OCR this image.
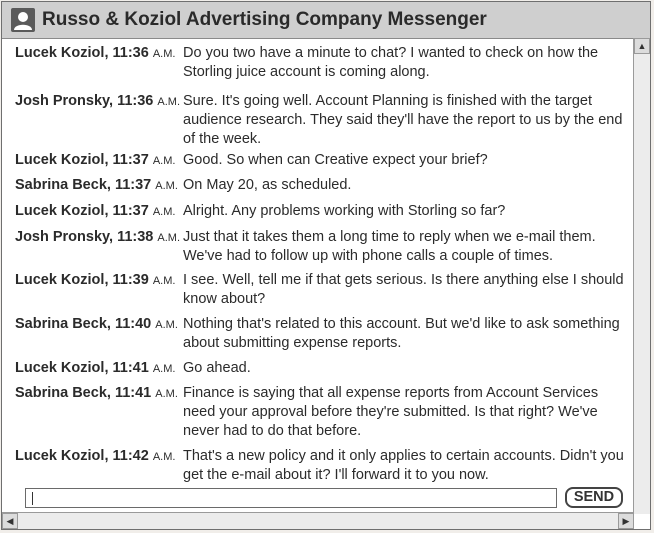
Russo & Koziol Advertising Company Messenger
Lucek Koziol, 11:36 A.M. Do you two have a minute to chat? I wanted to check on how the Storling juice account is coming along.
Josh Pronsky, 11:36 A.M. Sure. It's going well. Account Planning is finished with the target audience research. They said they'll have the report to us by the end of the week.
Lucek Koziol, 11:37 A.M. Good. So when can Creative expect your brief?
Sabrina Beck, 11:37 A.M. On May 20, as scheduled.
Lucek Koziol, 11:37 A.M. Alright. Any problems working with Storling so far?
Josh Pronsky, 11:38 A.M. Just that it takes them a long time to reply when we e-mail them. We've had to follow up with phone calls a couple of times.
Lucek Koziol, 11:39 A.M. I see. Well, tell me if that gets serious. Is there anything else I should know about?
Sabrina Beck, 11:40 A.M. Nothing that's related to this account. But we'd like to ask something about submitting expense reports.
Lucek Koziol, 11:41 A.M. Go ahead.
Sabrina Beck, 11:41 A.M. Finance is saying that all expense reports from Account Services need your approval before they're submitted. Is that right? We've never had to do that before.
Lucek Koziol, 11:42 A.M. That's a new policy and it only applies to certain accounts. Didn't you get the e-mail about it? I'll forward it to you now.
SEND
▲
◀	▶
